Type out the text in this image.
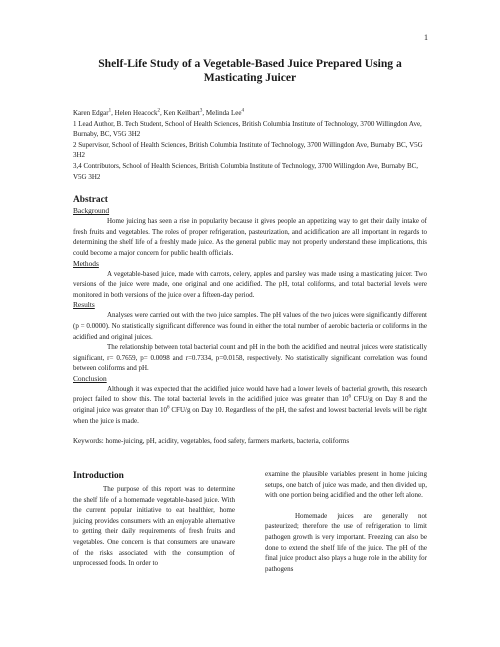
1
Shelf-Life Study of a Vegetable-Based Juice Prepared Using a Masticating Juicer

Karen Edgar$^1$, Helen Heacock$^2$, Ken Keilbart$^3$, Melinda Lee$^4$

1 Lead Author, B. Tech Student, School of Health Sciences, British Columbia Institute of Technology, 3700 Willingdon Ave, Burnaby, BC, V5G 3H2

2 Supervisor, School of Health Sciences, British Columbia Institute of Technology, 3700 Willingdon Ave, Burnaby BC, V5G 3H2

3,4 Contributors, School of Health Sciences, British Columbia Institute of Technology, 3700 Willingdon Ave, Burnaby BC, V5G 3H2

Abstract

Background

Home juicing has seen a rise in popularity because it gives people an appetizing way to get their daily intake of fresh fruits and vegetables. The roles of proper refrigeration, pasteurization, and acidification are all important in regards to determining the shelf life of a freshly made juice. As the general public may not properly understand these implications, this could become a major concern for public health officials.

Methods

A vegetable-based juice, made with carrots, celery, apples and parsley was made using a masticating juicer. Two versions of the juice were made, one original and one acidified. The pH, total coliforms, and total bacterial levels were monitored in both versions of the juice over a fifteen-day period.

Results

Analyses were carried out with the two juice samples. The pH values of the two juices were significantly different (p = 0.0000). No statistically significant difference was found in either the total number of aerobic bacteria or coliforms in the acidified and original juices.

The relationship between total bacterial count and pH in the both the acidified and neutral juices were statistically significant, r= 0.7659, p= 0.0098 and r=0.7334, p=0.0158, respectively. No statistically significant correlation was found between coliforms and pH.

Conclusion

Although it was expected that the acidified juice would have had a lower levels of bacterial growth, this research project failed to show this. The total bacterial levels in the acidified juice was greater than $10^6$ CFU/g on Day 8 and the original juice was greater than $10^6$ CFU/g on Day 10. Regardless of the pH, the safest and lowest bacterial levels will be right when the juice is made.

Keywords: home-juicing, pH, acidity, vegetables, food safety, farmers markets, bacteria, coliforms
Introduction

The purpose of this report was to determine the shelf life of a homemade vegetable-based juice. With the current popular initiative to eat healthier, home juicing provides consumers with an enjoyable alternative to getting their daily requirements of fresh fruits and vegetables. One concern is that consumers are unaware of the risks associated with the consumption of unprocessed foods. In order to

examine the plausible variables present in home juicing setups, one batch of juice was made, and then divided up, with one portion being acidified and the other left alone.

Homemade juices are generally not pasteurized; therefore the use of refrigeration to limit pathogen growth is very important. Freezing can also be done to extend the shelf life of the juice. The pH of the final juice product also plays a huge role in the ability for pathogens
